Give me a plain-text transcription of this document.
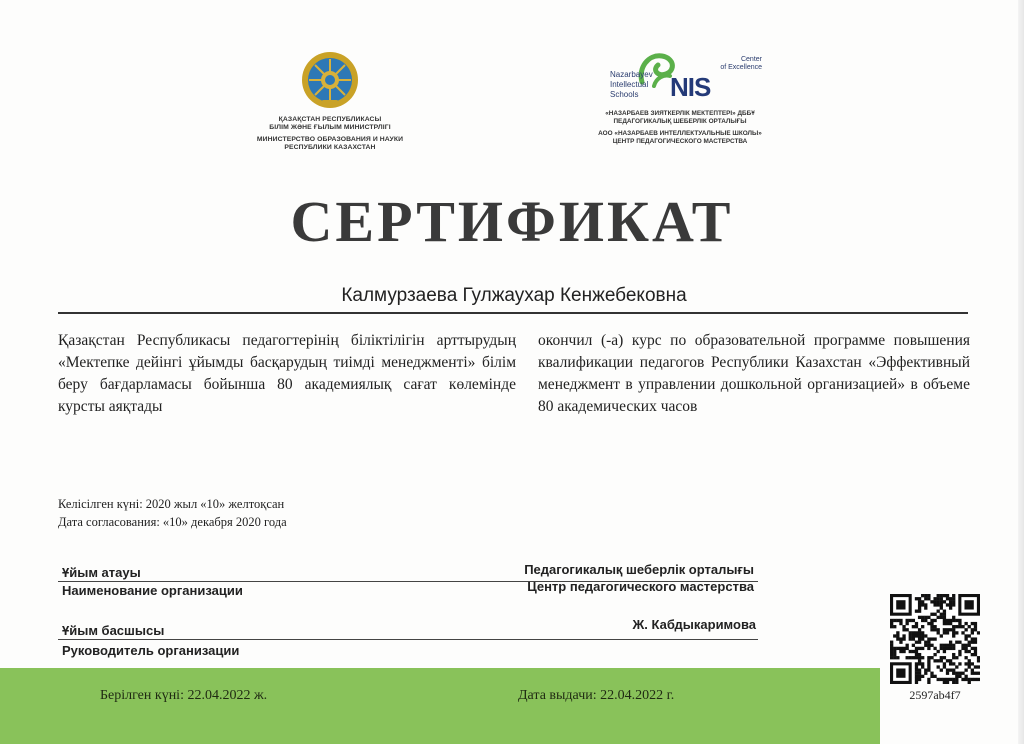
ҚАЗАҚСТАН РЕСПУБЛИКАСЫ
БІЛІМ ЖӘНЕ ҒЫЛЫМ МИНИСТРЛІГІ
МИНИСТЕРСТВО ОБРАЗОВАНИЯ И НАУКИ
РЕСПУБЛИКИ КАЗАХСТАН
Nazarbayev
Intellectual
Schools	NIS
Center
of Excellence
«НАЗАРБАЕВ ЗИЯТКЕРЛІК МЕКТЕПТЕРІ» ДББҰ
ПЕДАГОГИКАЛЫҚ ШЕБЕРЛІК ОРТАЛЫҒЫ
АОО «НАЗАРБАЕВ ИНТЕЛЛЕКТУАЛЬНЫЕ ШКОЛЫ»
ЦЕНТР ПЕДАГОГИЧЕСКОГО МАСТЕРСТВА
СЕРТИФИКАТ
Калмурзаева Гулжаухар Кенжебековна
Қазақстан Республикасы педагогтерінің біліктілігін арттырудың «Мектепке дейінгі ұйымды басқарудың тиімді менеджменті» білім беру бағдарламасы бойынша 80 академиялық сағат көлемінде курсты аяқтады
окончил (-а) курс по образовательной программе повышения квалификации педагогов Республики Казахстан «Эффективный менеджмент в управлении дошкольной организацией» в объеме 80 академических часов
Келісілген күні: 2020 жыл «10» желтоқсан
Дата согласования: «10» декабря 2020 года
Ұйым атауы	Педагогикалық шеберлік орталығы
Наименование организации	Центр педагогического мастерства
Ұйым басшысы	Ж. Кабдыкаримова
Руководитель организации
Берілген күні: 22.04.2022 ж.	Дата выдачи: 22.04.2022 г.	2597ab4f7
